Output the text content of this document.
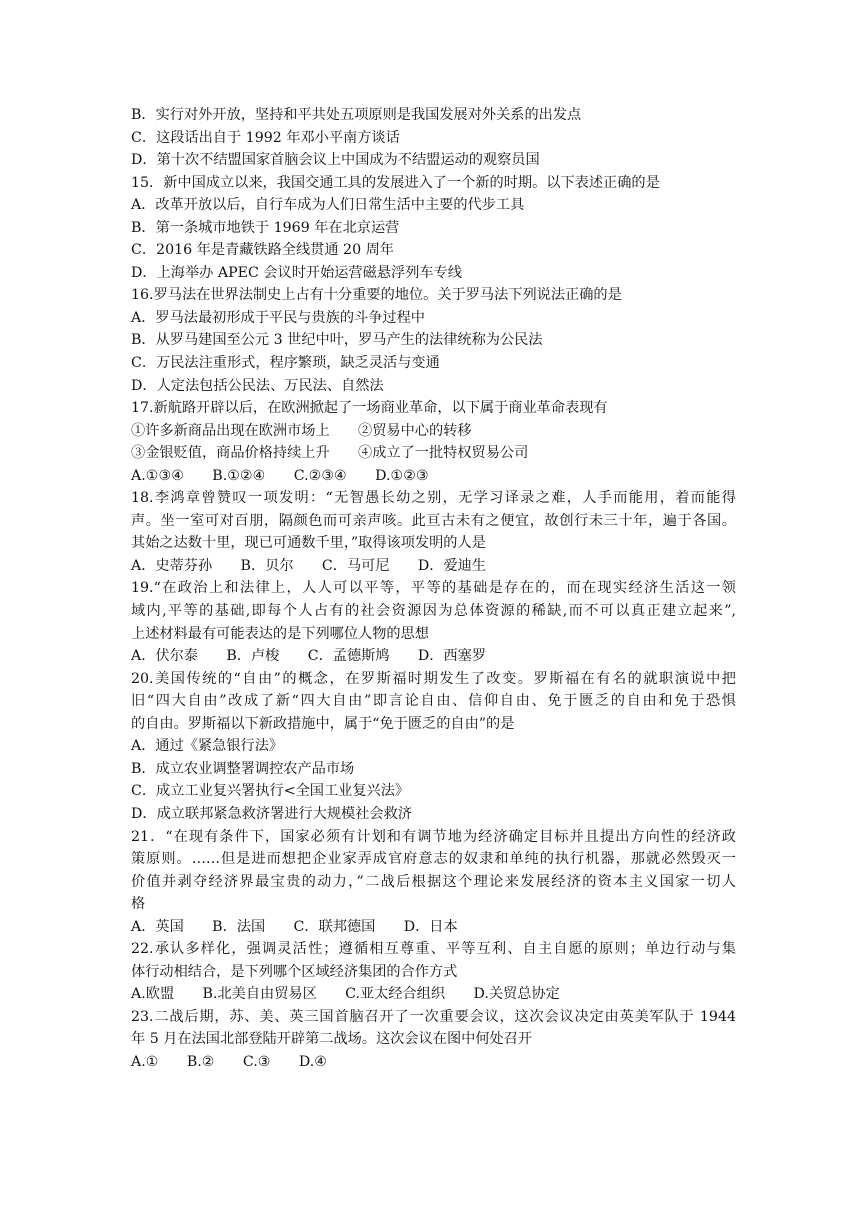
B．实行对外开放，坚持和平共处五项原则是我国发展对外关系的出发点
C．这段话出自于 1992 年邓小平南方谈话
D．第十次不结盟国家首脑会议上中国成为不结盟运动的观察员国
15．新中国成立以来，我国交通工具的发展进入了一个新的时期。以下表述正确的是
A．改革开放以后，自行车成为人们日常生活中主要的代步工具
B．第一条城市地铁于 1969 年在北京运营
C．2016 年是青藏铁路全线贯通 20 周年
D．上海举办 APEC 会议时开始运营磁悬浮列车专线
16.罗马法在世界法制史上占有十分重要的地位。关于罗马法下列说法正确的是
A．罗马法最初形成于平民与贵族的斗争过程中
B．从罗马建国至公元 3 世纪中叶，罗马产生的法律统称为公民法
C．万民法注重形式，程序繁琐，缺乏灵活与变通
D．人定法包括公民法、万民法、自然法
17.新航路开辟以后，在欧洲掀起了一场商业革命，以下属于商业革命表现有
①许多新商品出现在欧洲市场上　　②贸易中心的转移
③金银贬值，商品价格持续上升　　④成立了一批特权贸易公司
A.①③④　　B.①②④　　C.②③④　　D.①②③
18.李鸿章曾赞叹一项发明：“无智愚长幼之别，无学习译录之难，人手而能用，着而能得
声。坐一室可对百朋，隔颜色而可亲声咳。此亘古未有之便宜，故创行未三十年，遍于各国。
其始之达数十里，现已可通数千里，”取得该项发明的人是
A．史蒂芬孙　　B．贝尔　　C．马可尼　　D．爱迪生
19.“在政治上和法律上，人人可以平等，平等的基础是存在的，而在现实经济生活这一领
域内,平等的基础,即每个人占有的社会资源因为总体资源的稀缺,而不可以真正建立起来”,
上述材料最有可能表达的是下列哪位人物的思想
A．伏尔泰　　B．卢梭　　C．孟德斯鸠　　D．西塞罗
20.美国传统的“自由”的概念，在罗斯福时期发生了改变。罗斯福在有名的就职演说中把
旧“四大自由”改成了新“四大自由”即言论自由、信仰自由、免于匮乏的自由和免于恐惧
的自由。罗斯福以下新政措施中，属于“免于匮乏的自由”的是
A．通过《紧急银行法》
B．成立农业调整署调控农产品市场
C．成立工业复兴署执行<全国工业复兴法》
D．成立联邦紧急救济署进行大规模社会救济
21．“在现有条件下，国家必须有计划和有调节地为经济确定目标并且提出方向性的经济政
策原则。……但是进而想把企业家弄成官府意志的奴隶和单纯的执行机器，那就必然毁灭一
价值并剥夺经济界最宝贵的动力，”二战后根据这个理论来发展经济的资本主义国家一切人
格
A．英国　　B．法国　　C．联邦德国　　D．日本
22.承认多样化，强调灵活性；遵循相互尊重、平等互利、自主自愿的原则；单边行动与集
体行动相结合，是下列哪个区域经济集团的合作方式
A.欧盟　　B.北美自由贸易区　　C.亚太经合组织　　D.关贸总协定
23.二战后期，苏、美、英三国首脑召开了一次重要会议，这次会议决定由英美军队于 1944
年 5 月在法国北部登陆开辟第二战场。这次会议在图中何处召开
A.①　　B.②　　C.③　　D.④
